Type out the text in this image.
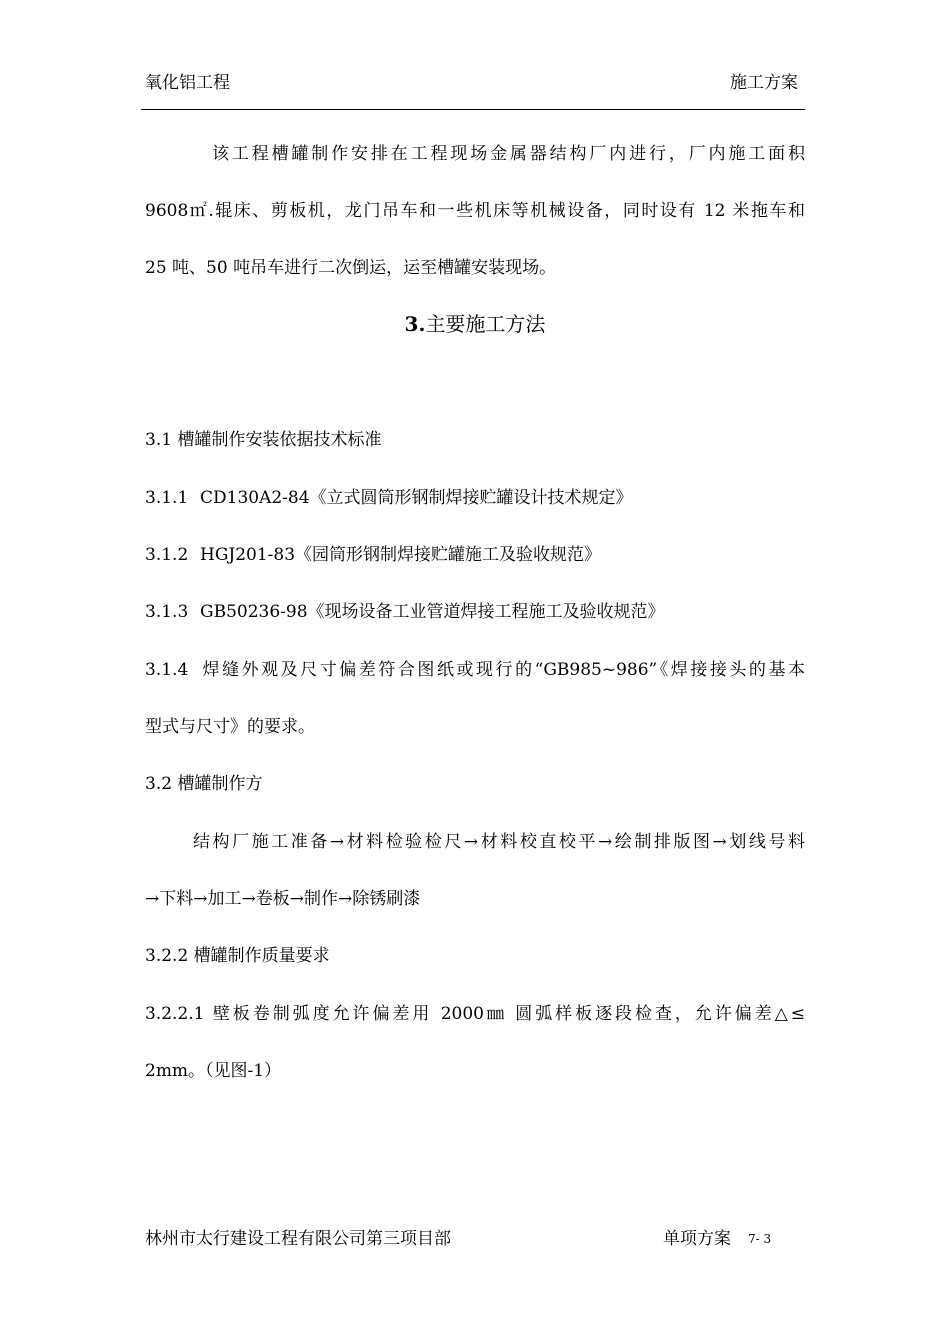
氧化铝工程	施工方案
该工程槽罐制作安排在工程现场金属器结构厂内进行，厂内施工面积
9608㎡.辊床、剪板机，龙门吊车和一些机床等机械设备，同时设有 12 米拖车和
25 吨、50 吨吊车进行二次倒运，运至槽罐安装现场。
3.主要施工方法
3.1 槽罐制作安装依据技术标准
3.1.1 CD130A2-84《立式圆筒形钢制焊接贮罐设计技术规定》
3.1.2 HGJ201-83《园筒形钢制焊接贮罐施工及验收规范》
3.1.3 GB50236-98《现场设备工业管道焊接工程施工及验收规范》
3.1.4 焊缝外观及尺寸偏差符合图纸或现行的“GB985~986”《焊接接头的基本
型式与尺寸》的要求。
3.2 槽罐制作方
结构厂施工准备→材料检验检尺→材料校直校平→绘制排版图→划线号料
→下料→加工→卷板→制作→除锈刷漆
3.2.2 槽罐制作质量要求
3.2.2.1 壁板卷制弧度允许偏差用 2000㎜ 圆弧样板逐段检查，允许偏差△≤
2mm。（见图-1）
林州市太行建设工程有限公司第三项目部	单项方案 7- 3
